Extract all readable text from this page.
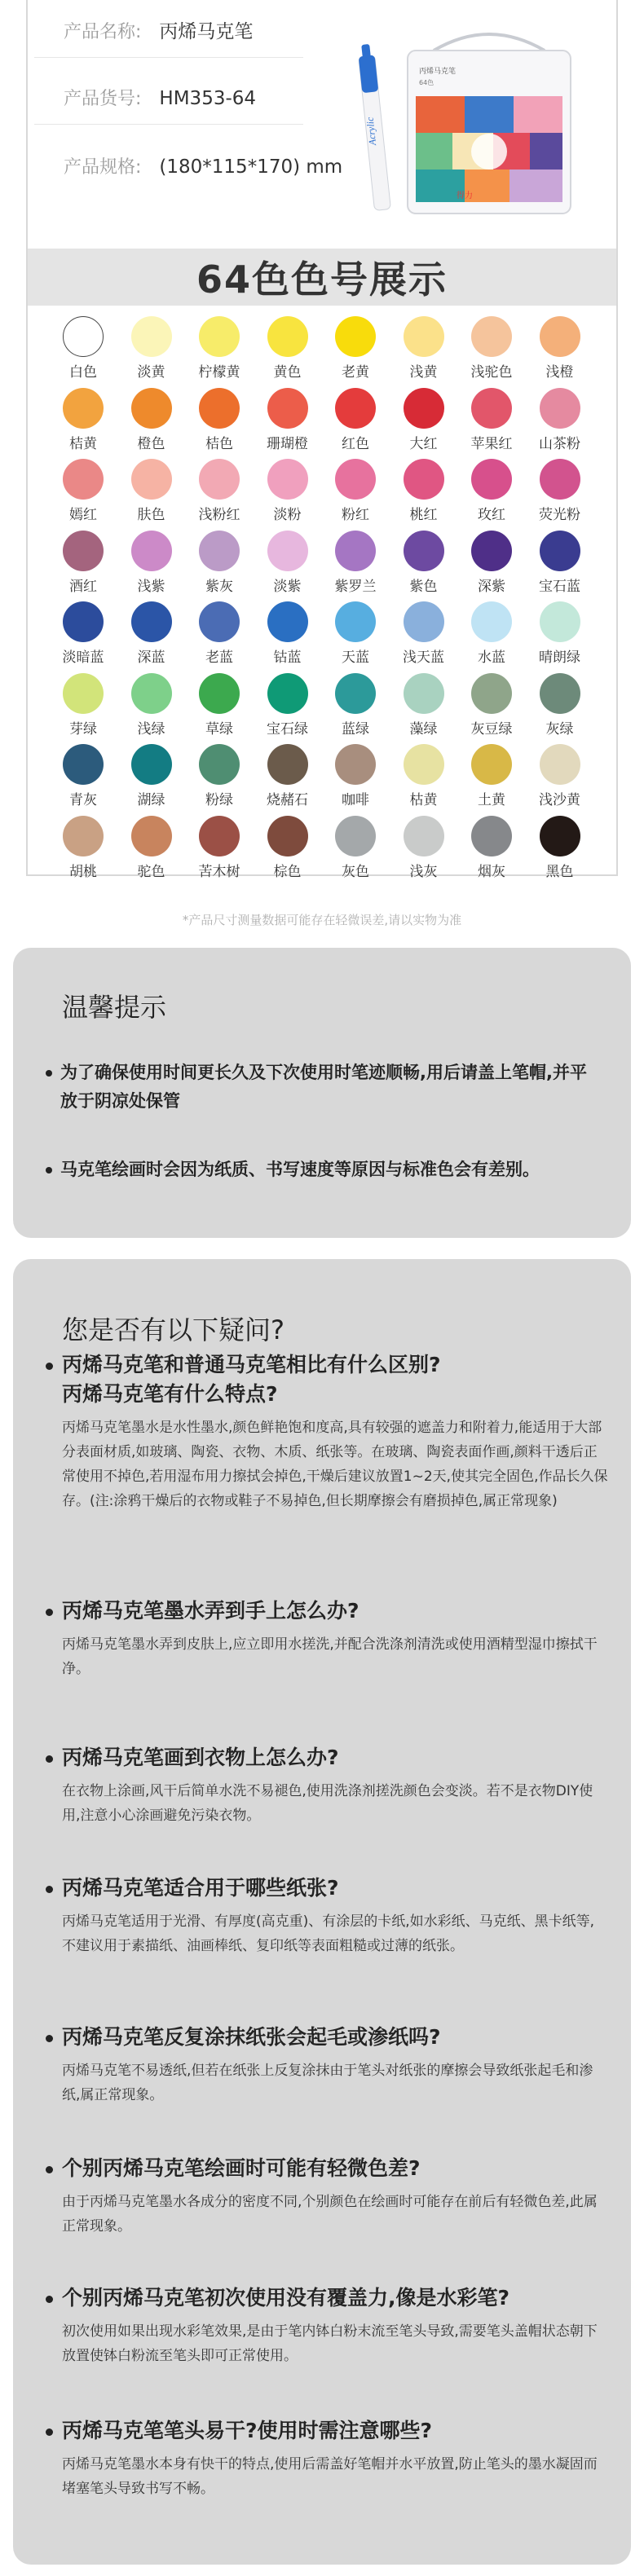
产品名称: 丙烯马克笔
产品货号: HM353-64
产品规格: (180*115*170) mm
Acrylic
丙烯马克笔
64色
得力
64色色号展示
白色	淡黄	柠檬黄	黄色	老黄	浅黄	浅驼色	浅橙
桔黄	橙色	桔色	珊瑚橙	红色	大红	苹果红	山茶粉
嫣红	肤色	浅粉红	淡粉	粉红	桃红	玫红	荧光粉
酒红	浅紫	紫灰	淡紫	紫罗兰	紫色	深紫	宝石蓝
淡暗蓝	深蓝	老蓝	钴蓝	天蓝	浅天蓝	水蓝	晴朗绿
芽绿	浅绿	草绿	宝石绿	蓝绿	藻绿	灰豆绿	灰绿
青灰	湖绿	粉绿	烧赭石	咖啡	枯黄	土黄	浅沙黄
胡桃	驼色	苦木树	棕色	灰色	浅灰	烟灰	黑色
*产品尺寸测量数据可能存在轻微误差,请以实物为准
温馨提示
为了确保使用时间更长久及下次使用时笔迹顺畅,用后请盖上笔帽,并平放于阴凉处保管
马克笔绘画时会因为纸质、书写速度等原因与标准色会有差别。
您是否有以下疑问?
丙烯马克笔和普通马克笔相比有什么区别?
丙烯马克笔有什么特点?
丙烯马克笔墨水是水性墨水,颜色鲜艳饱和度高,具有较强的遮盖力和附着力,能适用于大部分表面材质,如玻璃、陶瓷、衣物、木质、纸张等。在玻璃、陶瓷表面作画,颜料干透后正常使用不掉色,若用湿布用力擦拭会掉色,干燥后建议放置1~2天,使其完全固色,作品长久保存。(注:涂鸦干燥后的衣物或鞋子不易掉色,但长期摩擦会有磨损掉色,属正常现象)
丙烯马克笔墨水弄到手上怎么办?
丙烯马克笔墨水弄到皮肤上,应立即用水搓洗,并配合洗涤剂清洗或使用酒精型湿巾擦拭干净。
丙烯马克笔画到衣物上怎么办?
在衣物上涂画,风干后简单水洗不易褪色,使用洗涤剂搓洗颜色会变淡。若不是衣物DIY使用,注意小心涂画避免污染衣物。
丙烯马克笔适合用于哪些纸张?
丙烯马克笔适用于光滑、有厚度(高克重)、有涂层的卡纸,如水彩纸、马克纸、黑卡纸等,不建议用于素描纸、油画棒纸、复印纸等表面粗糙或过薄的纸张。
丙烯马克笔反复涂抹纸张会起毛或渗纸吗?
丙烯马克笔不易透纸,但若在纸张上反复涂抹由于笔头对纸张的摩擦会导致纸张起毛和渗纸,属正常现象。
个别丙烯马克笔绘画时可能有轻微色差?
由于丙烯马克笔墨水各成分的密度不同,个别颜色在绘画时可能存在前后有轻微色差,此属正常现象。
个别丙烯马克笔初次使用没有覆盖力,像是水彩笔?
初次使用如果出现水彩笔效果,是由于笔内钵白粉末流至笔头导致,需要笔头盖帽状态朝下放置使钵白粉流至笔头即可正常使用。
丙烯马克笔笔头易干?使用时需注意哪些?
丙烯马克笔墨水本身有快干的特点,使用后需盖好笔帽并水平放置,防止笔头的墨水凝固而堵塞笔头导致书写不畅。
